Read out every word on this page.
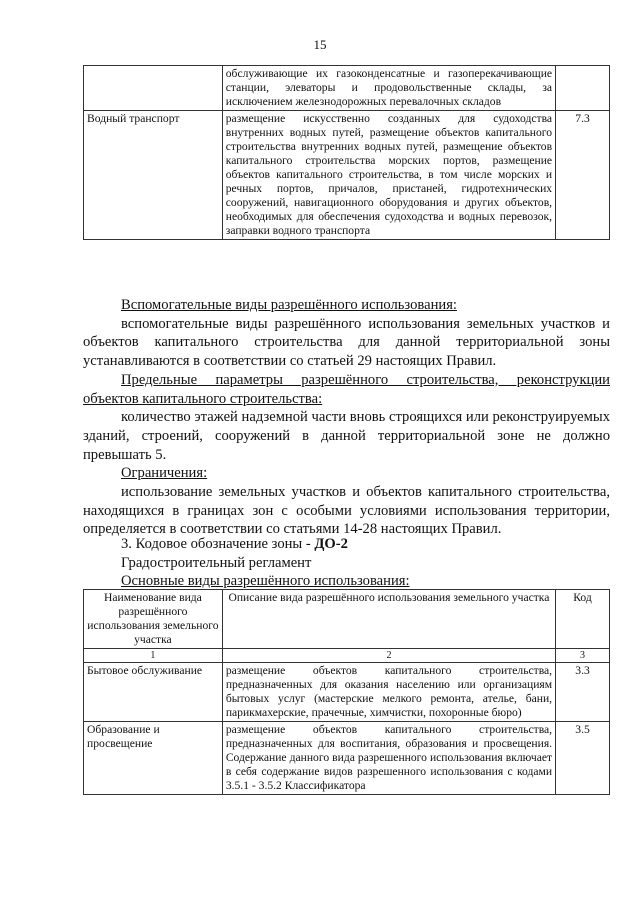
15
	обслуживающие их газоконденсатные и газоперекачивающие станции, элеваторы и продовольственные склады, за исключением железнодорожных перевалочных складов	
Водный транспорт	размещение искусственно созданных для судоходства внутренних водных путей, размещение объектов капитального строительства внутренних водных путей, размещение объектов капитального строительства морских портов, размещение объектов капитального строительства, в том числе морских и речных портов, причалов, пристаней, гидротехнических сооружений, навигационного оборудования и других объектов, необходимых для обеспечения судоходства и водных перевозок, заправки водного транспорта	7.3

Вспомогательные виды разрешённого использования:

вспомогательные виды разрешённого использования земельных участков и объектов капитального строительства для данной территориальной зоны устанавливаются в соответствии со статьей 29 настоящих Правил.

Предельные параметры разрешённого строительства, реконструкции объектов капитального строительства:

количество этажей надземной части вновь строящихся или реконструируемых зданий, строений, сооружений в данной территориальной зоне не должно превышать 5.

Ограничения:

использование земельных участков и объектов капитального строительства, находящихся в границах зон с особыми условиями использования территории, определяется в соответствии со статьями 14-28 настоящих Правил.

3. Кодовое обозначение зоны - ДО-2

Градостроительный регламент

Основные виды разрешённого использования:

Наименование вида разрешённого использования земельного участка	Описание вида разрешённого использования земельного участка	Код
1	2	3
Бытовое обслуживание	размещение объектов капитального строительства, предназначенных для оказания населению или организациям бытовых услуг (мастерские мелкого ремонта, ателье, бани, парикмахерские, прачечные, химчистки, похоронные бюро)	3.3
Образование и просвещение	размещение объектов капитального строительства, предназначенных для воспитания, образования и просвещения. Содержание данного вида разрешенного использования включает в себя содержание видов разрешенного использования с кодами 3.5.1 - 3.5.2 Классификатора	3.5
